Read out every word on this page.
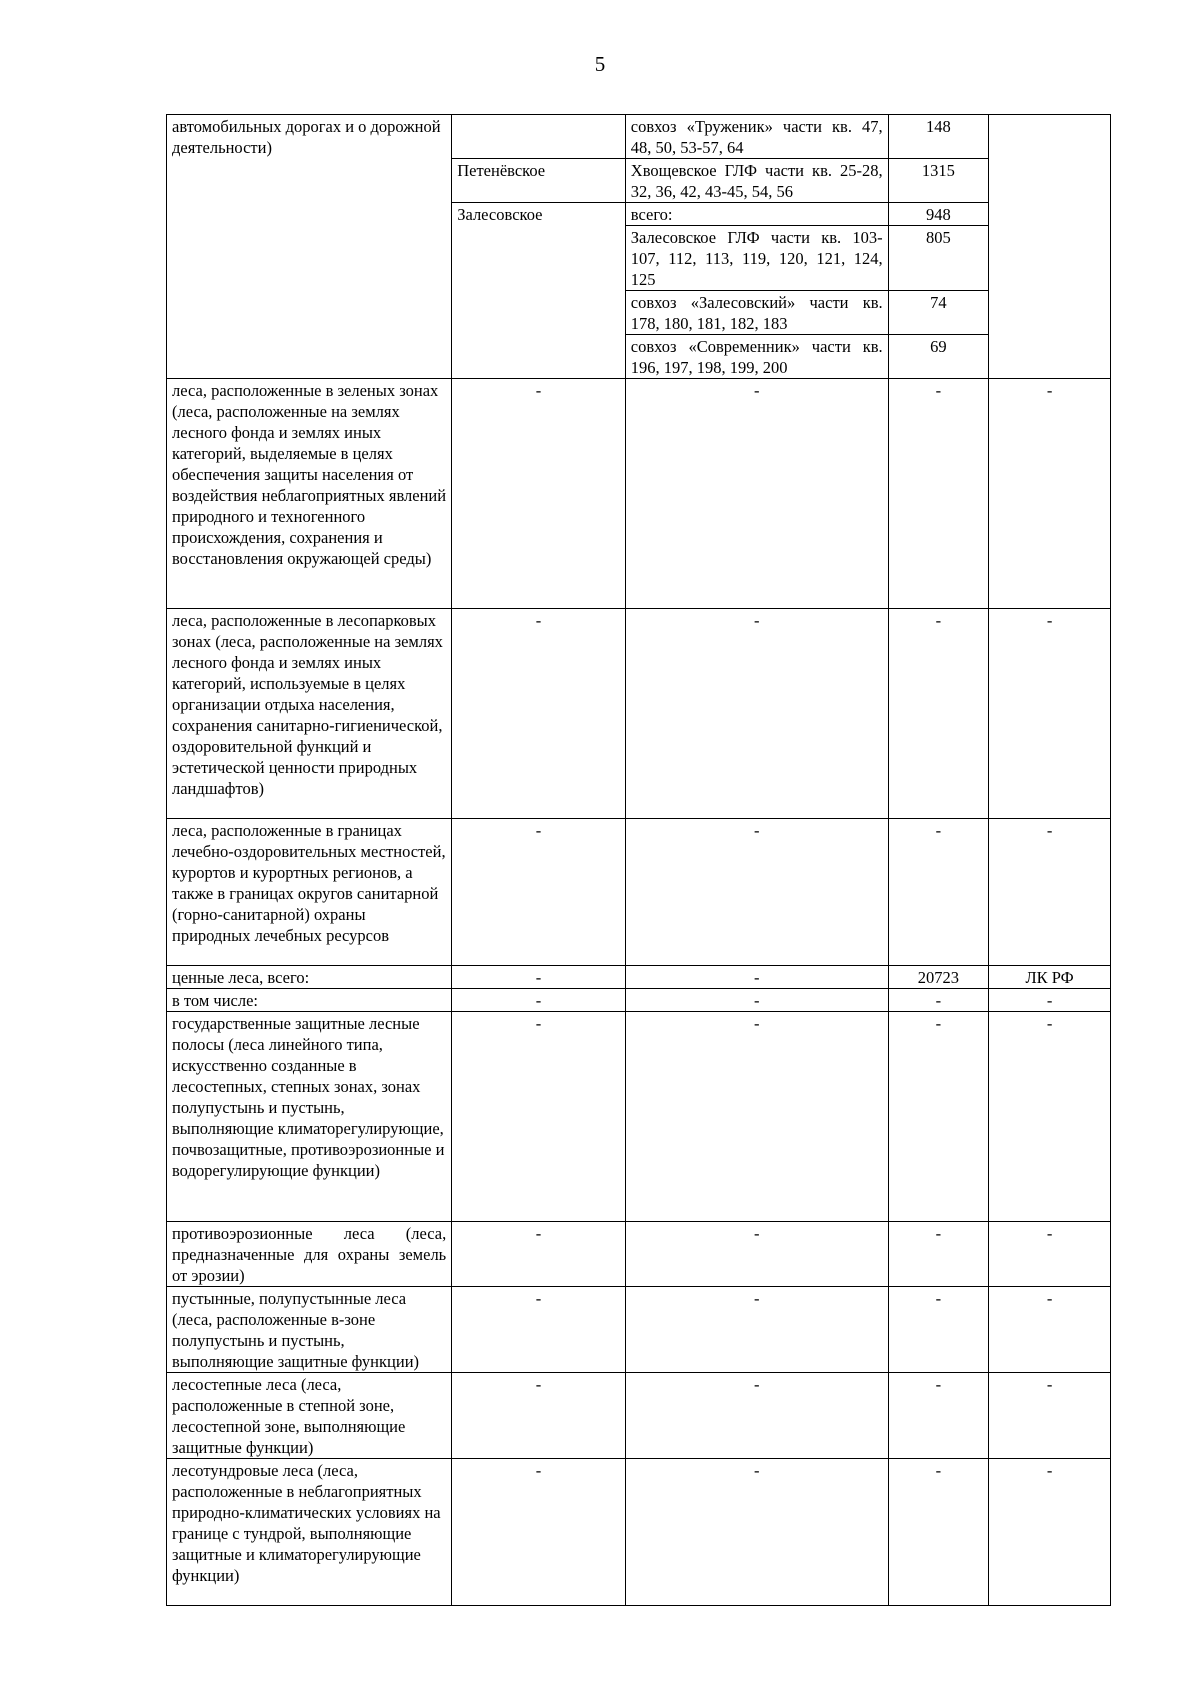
5
автомобильных дорогах и о дорожной деятельности)		совхоз «Труженик» части кв. 47, 48, 50, 53-57, 64	148	
	Петенёвское	Хвощевское ГЛФ части кв. 25-28, 32, 36, 42, 43-45, 54, 56	1315	
	Залесовское	всего:	948	
		Залесовское ГЛФ части кв. 103-107, 112, 113, 119, 120, 121, 124, 125	805	
		совхоз «Залесовский» части кв. 178, 180, 181, 182, 183	74	
		совхоз «Современник» части кв. 196, 197, 198, 199, 200	69	
леса, расположенные в зеленых зонах (леса, расположенные на землях лесного фонда и землях иных категорий, выделяемые в целях обеспечения защиты населения от воздействия неблагоприятных явлений природного и техногенного происхождения, сохранения и восстановления окружающей среды)	-	-	-	-
леса, расположенные в лесопарковых зонах (леса, расположенные на землях лесного фонда и землях иных категорий, используемые в целях организации отдыха населения, сохранения санитарно-гигиенической, оздоровительной функций и эстетической ценности природных ландшафтов)	-	-	-	-
леса, расположенные в границах лечебно-оздоровительных местностей, курортов и курортных регионов, а также в границах округов санитарной (горно-санитарной) охраны природных лечебных ресурсов	-	-	-	-
ценные леса, всего:	-	-	20723	ЛК РФ
в том числе:	-	-	-	-
государственные защитные лесные полосы (леса линейного типа, искусственно созданные в лесостепных, степных зонах, зонах полупустынь и пустынь, выполняющие климаторегулирующие, почвозащитные, противоэрозионные и водорегулирующие функции)	-	-	-	-
противоэрозионные леса (леса, предназначенные для охраны земель от эрозии)	-	-	-	-
пустынные, полупустынные леса (леса, расположенные в-зоне полупустынь и пустынь, выполняющие защитные функции)	-	-	-	-
лесостепные леса (леса, расположенные в степной зоне, лесостепной зоне, выполняющие защитные функции)	-	-	-	-
лесотундровые леса (леса, расположенные в неблагоприятных природно-климатических условиях на границе с тундрой, выполняющие защитные и климаторегулирующие функции)	-	-	-	-
